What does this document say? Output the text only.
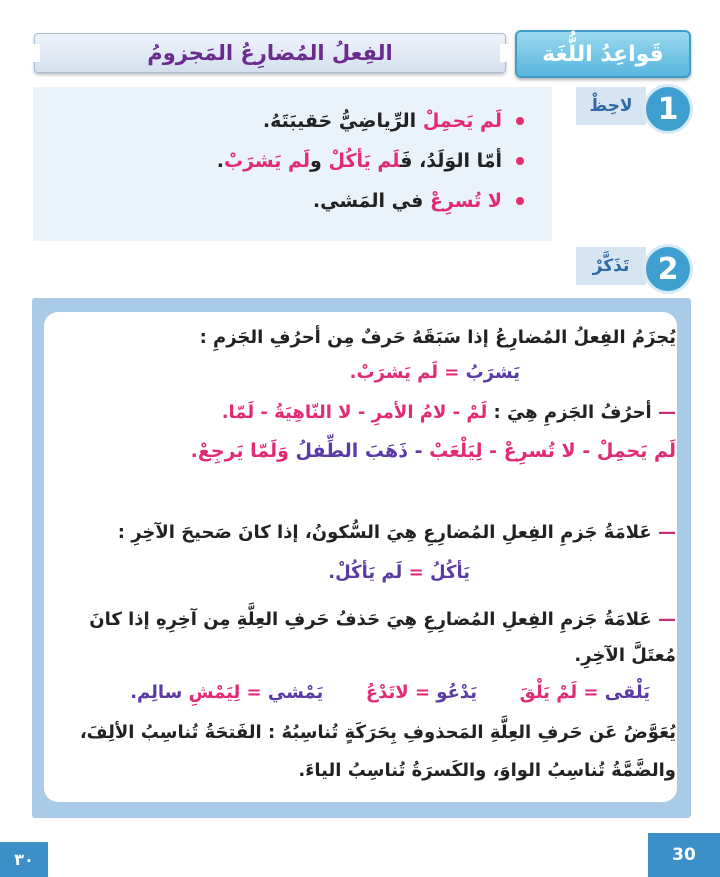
الفِعلُ المُضارِعُ المَجزومُ	قَواعِدُ اللُّغَة
لاحِظْ 1
لَم يَحمِلْ الرِّياضِيُّ حَقيبَتَهُ.
أمّا الوَلَدُ، فَلَم يَأكُلْ ولَم يَشرَبْ.
لا تُسرِعْ في المَشي.
تَذَكَّرْ 2
يُجزَمُ الفِعلُ المُضارِعُ إذا سَبَقَهُ حَرفٌ مِن أحرُفِ الجَزمِ :
يَشرَبُ = لَم يَشرَبْ.
— أحرُفُ الجَزمِ هِيَ : لَمْ - لامُ الأمرِ - لا النّاهِيَةُ - لَمّا.
لَم يَحمِلْ - لا تُسرِعْ - لِيَلْعَبْ - ذَهَبَ الطِّفلُ وَلَمّا يَرجِعْ.
— عَلامَةُ جَزمِ الفِعلِ المُضارِعِ هِيَ السُّكونُ، إذا كانَ صَحيحَ الآخِرِ :
يَأكُلُ = لَم يَأكُلْ.
— عَلامَةُ جَزمِ الفِعلِ المُضارِعِ هِيَ حَذفُ حَرفِ العِلَّةِ مِن آخِرِهِ إذا كانَ مُعتَلَّ الآخِرِ.
يَلْقى = لَمْ يَلْقَ  يَدْعُو = لاتَدْعُ  يَمْشي = لِيَمْشِ سالِم.
يُعَوَّضُ عَن حَرفِ العِلَّةِ المَحذوفِ بِحَرَكَةٍ تُناسِبُهُ : الفَتحَةُ تُناسِبُ الألِفَ،
والضَّمَّةُ تُناسِبُ الواوَ، والكَسرَةُ تُناسِبُ الياءَ.
٣٠	30
